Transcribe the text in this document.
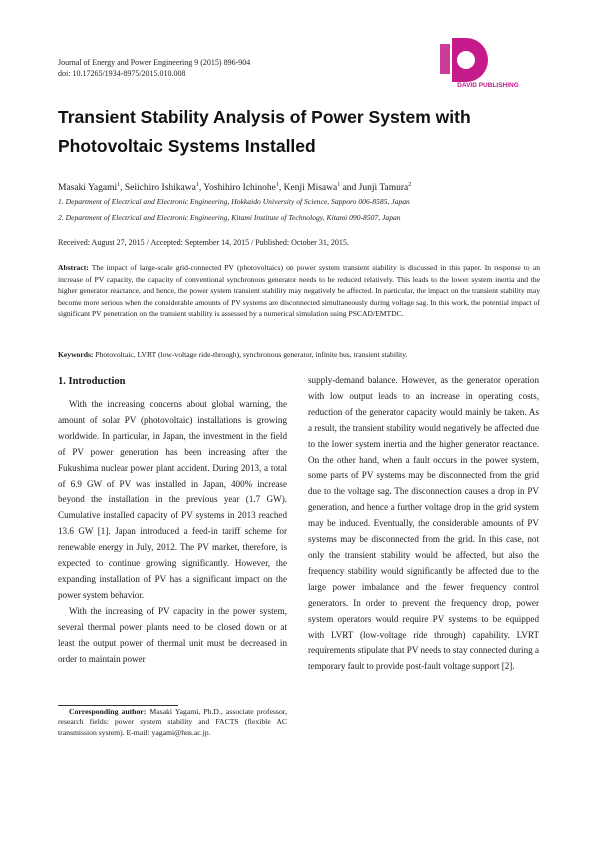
Journal of Energy and Power Engineering 9 (2015) 896-904
doi: 10.17265/1934-8975/2015.010.008
DAVID PUBLISHING
Transient Stability Analysis of Power System with
Photovoltaic Systems Installed
Masaki Yagami$^1$, Seiichiro Ishikawa$^1$, Yoshihiro Ichinohe$^1$, Kenji Misawa$^1$ and Junji Tamura$^2$
1. Department of Electrical and Electronic Engineering, Hokkaido University of Science, Sapporo 006-8585, Japan
2. Department of Electrical and Electronic Engineering, Kitami Institute of Technology, Kitami 090-8507, Japan
Received: August 27, 2015 / Accepted: September 14, 2015 / Published: October 31, 2015.
Abstract: The impact of large-scale grid-connected PV (photovoltaics) on power system transient stability is discussed in this paper. In response to an increase of PV capacity, the capacity of conventional synchronous generator needs to be reduced relatively. This leads to the lower system inertia and the higher generator reactance, and hence, the power system transient stability may negatively be affected. In particular, the impact on the transient stability may become more serious when the considerable amounts of PV systems are disconnected simultaneously during voltage sag. In this work, the potential impact of significant PV penetration on the transient stability is assessed by a numerical simulation using PSCAD/EMTDC.
Keywords: Photovoltaic, LVRT (low-voltage ride-through), synchronous generator, infinite bus, transient stability.
1. Introduction

With the increasing concerns about global warning, the amount of solar PV (photovoltaic) installations is growing worldwide. In particular, in Japan, the investment in the field of PV power generation has been increasing after the Fukushima nuclear power plant accident. During 2013, a total of 6.9 GW of PV was installed in Japan, 400% increase beyond the installation in the previous year (1.7 GW). Cumulative installed capacity of PV systems in 2013 reached 13.6 GW [1]. Japan introduced a feed-in tariff scheme for renewable energy in July, 2012. The PV market, therefore, is expected to continue growing significantly. However, the expanding installation of PV has a significant impact on the power system behavior.

With the increasing of PV capacity in the power system, several thermal power plants need to be closed down or at least the output power of thermal unit must be decreased in order to maintain power

supply-demand balance. However, as the generator operation with low output leads to an increase in operating costs, reduction of the generator capacity would mainly be taken. As a result, the transient stability would negatively be affected due to the lower system inertia and the higher generator reactance. On the other hand, when a fault occurs in the power system, some parts of PV systems may be disconnected from the grid due to the voltage sag. The disconnection causes a drop in PV generation, and hence a further voltage drop in the grid system may be induced. Eventually, the considerable amounts of PV systems may be disconnected from the grid. In this case, not only the transient stability would be affected, but also the frequency stability would significantly be affected due to the large power imbalance and the fewer frequency control generators. In order to prevent the frequency drop, power system operators would require PV systems to be equipped with LVRT (low-voltage ride through) capability. LVRT requirements stipulate that PV needs to stay connected during a temporary fault to provide post-fault voltage support [2].

Corresponding author: Masaki Yagami, Ph.D., associate professor, research fields: power system stability and FACTS (flexible AC transmission system). E-mail: yagami@hus.ac.jp.
